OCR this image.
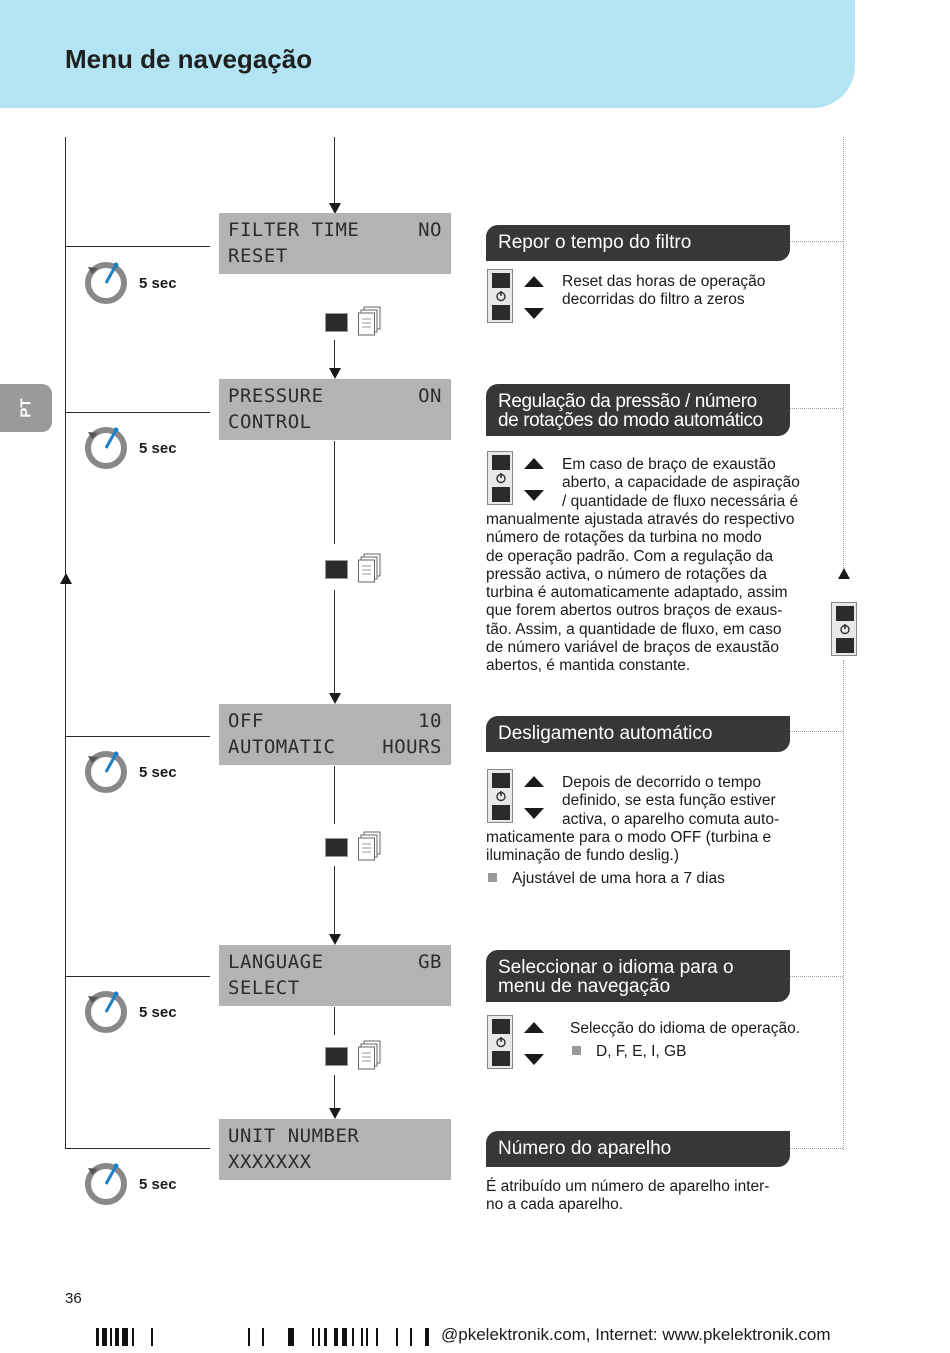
Menu de navegação
PT
FILTER TIME	NO
RESET
PRESSURE	ON
CONTROL
OFF	10
AUTOMATIC HOURS
LANGUAGE	GB
SELECT
UNIT NUMBER
XXXXXXX
5 sec
5 sec
5 sec
5 sec
5 sec
Repor o tempo do filtro
Reset das horas de operação
decorridas do filtro a zeros
Regulação da pressão / número
de rotações do modo automático
Em caso de braço de exaustão
aberto, a capacidade de aspiração
/ quantidade de fluxo necessária é
manualmente ajustada através do respectivo
número de rotações da turbina no modo
de operação padrão. Com a regulação da
pressão activa, o número de rotações da
turbina é automaticamente adaptado, assim
que forem abertos outros braços de exaus-
tão. Assim, a quantidade de fluxo, em caso
de número variável de braços de exaustão
abertos, é mantida constante.
Desligamento automático
Depois de decorrido o tempo
definido, se esta função estiver
activa, o aparelho comuta auto-
maticamente para o modo OFF (turbina e
iluminação de fundo deslig.)
Ajustável de uma hora a 7 dias
Seleccionar o idioma para o
menu de navegação
Selecção do idioma de operação.
D, F, E, I, GB
Número do aparelho
É atribuído um número de aparelho inter-
no a cada aparelho.
36
@pkelektronik.com, Internet: www.pkelektronik.com
